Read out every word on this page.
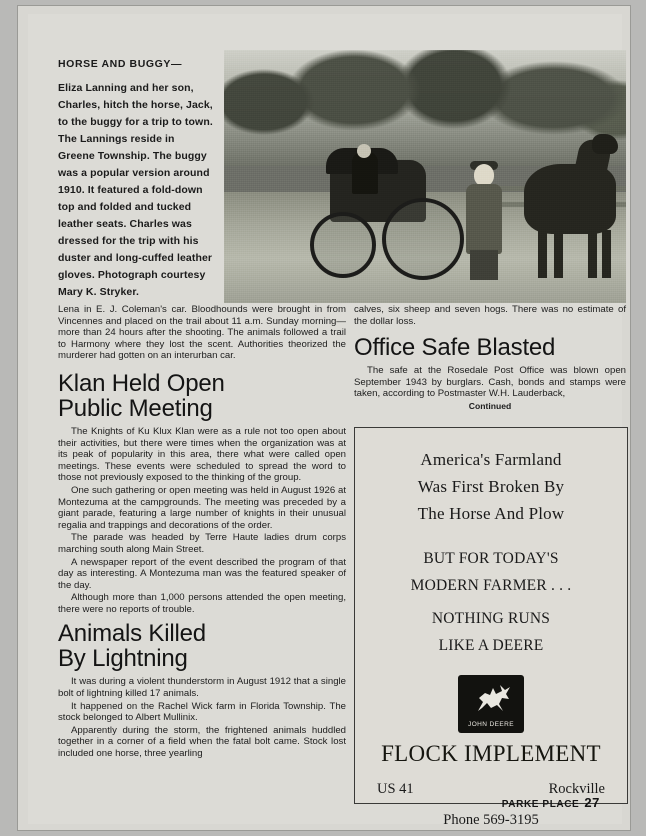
HORSE AND BUGGY—
Eliza Lanning and her son, Charles, hitch the horse, Jack, to the buggy for a trip to town. The Lannings reside in Greene Township. The buggy was a popular version around 1910. It featured a fold-down top and folded and tucked leather seats. Charles was dressed for the trip with his duster and long-cuffed leather gloves. Photograph courtesy Mary K. Stryker.

Lena in E. J. Coleman's car. Bloodhounds were brought in from Vincennes and placed on the trail about 11 a.m. Sunday morning—more than 24 hours after the shooting. The animals followed a trail to Harmony where they lost the scent. Authorities theorized the murderer had gotten on an interurban car.

Klan Held Open
Public Meeting

The Knights of Ku Klux Klan were as a rule not too open about their activities, but there were times when the organization was at its peak of popularity in this area, there what were called open meetings. These events were scheduled to spread the word to those not previously exposed to the thinking of the group.

One such gathering or open meeting was held in August 1926 at Montezuma at the campgrounds. The meeting was preceded by a giant parade, featuring a large number of knights in their unusual regalia and trappings and decorations of the order.

The parade was headed by Terre Haute ladies drum corps marching south along Main Street.

A newspaper report of the event described the program of that day as interesting. A Montezuma man was the featured speaker of the day.

Although more than 1,000 persons attended the open meeting, there were no reports of trouble.

Animals Killed
By Lightning

It was during a violent thunderstorm in August 1912 that a single bolt of lightning killed 17 animals.

It happened on the Rachel Wick farm in Florida Township. The stock belonged to Albert Mullinix.

Apparently during the storm, the frightened animals huddled together in a corner of a field when the fatal bolt came. Stock lost included one horse, three yearling

calves, six sheep and seven hogs. There was no estimate of the dollar loss.

Office Safe Blasted

The safe at the Rosedale Post Office was blown open September 1943 by burglars. Cash, bonds and stamps were taken, according to Postmaster W.H. Lauderback,

Continued
America's Farmland
Was First Broken By
The Horse And Plow
BUT FOR TODAY'S
MODERN FARMER . . .
NOTHING RUNS
LIKE A DEERE
JOHN DEERE
FLOCK IMPLEMENT
US 41	Rockville
Phone 569-3195
PARKE PLACE 27
